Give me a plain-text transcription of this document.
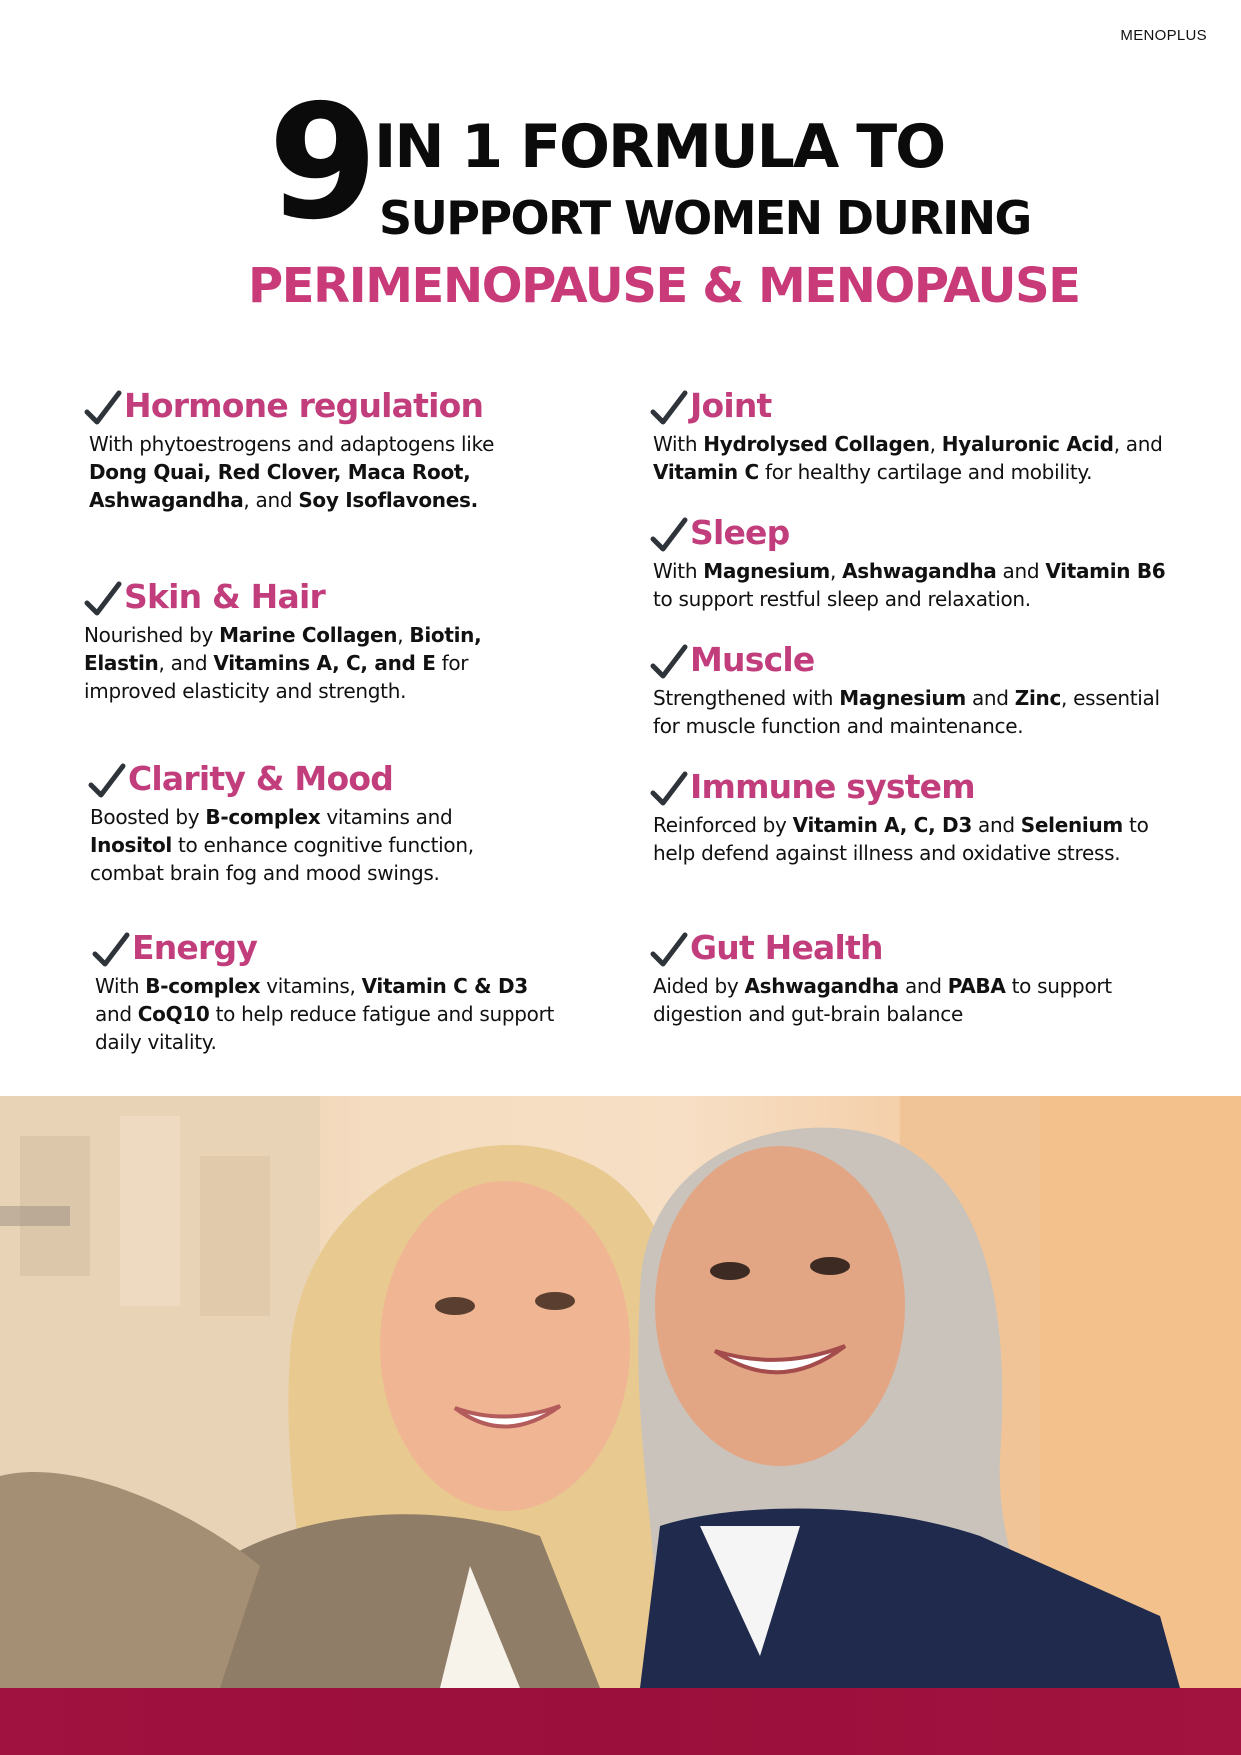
MENOPLUS
9 IN 1 FORMULA TO
SUPPORT WOMEN DURING
PERIMENOPAUSE & MENOPAUSE
Hormone regulation

With phytoestrogens and adaptogens like Dong Quai, Red Clover, Maca Root, Ashwagandha, and Soy Isoflavones.

Skin & Hair

Nourished by Marine Collagen, Biotin, Elastin, and Vitamins A, C, and E for improved elasticity and strength.

Clarity & Mood

Boosted by B-complex vitamins and Inositol to enhance cognitive function, combat brain fog and mood swings.

Energy

With B-complex vitamins, Vitamin C & D3 and CoQ10 to help reduce fatigue and support daily vitality.

Joint

With Hydrolysed Collagen, Hyaluronic Acid, and Vitamin C for healthy cartilage and mobility.

Sleep

With Magnesium, Ashwagandha and Vitamin B6 to support restful sleep and relaxation.

Muscle

Strengthened with Magnesium and Zinc, essential for muscle function and maintenance.

Immune system

Reinforced by Vitamin A, C, D3 and Selenium to help defend against illness and oxidative stress.

Gut Health

Aided by Ashwagandha and PABA to support digestion and gut-brain balance
